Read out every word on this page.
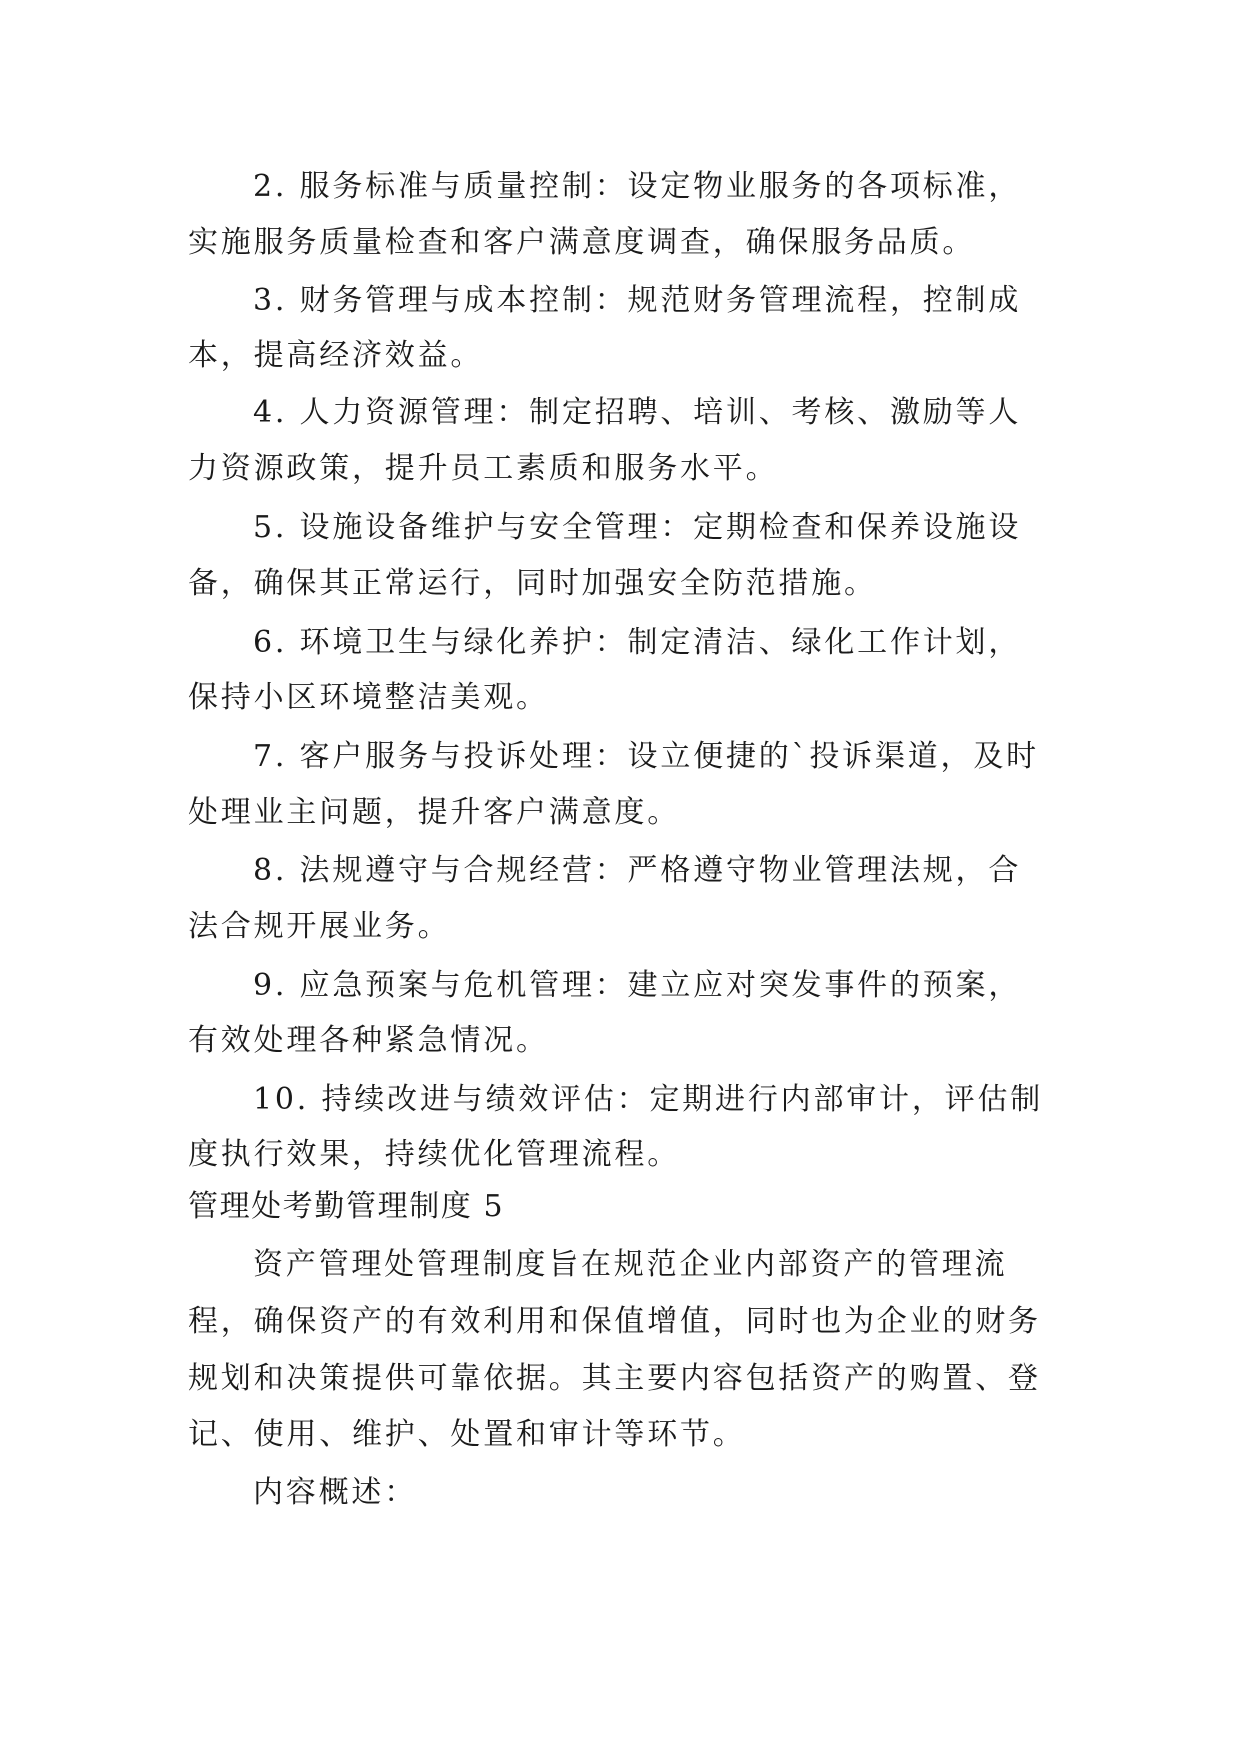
2. 服务标准与质量控制：设定物业服务的各项标准，
实施服务质量检查和客户满意度调查，确保服务品质。
3. 财务管理与成本控制：规范财务管理流程，控制成
本，提高经济效益。
4. 人力资源管理：制定招聘、培训、考核、激励等人
力资源政策，提升员工素质和服务水平。
5. 设施设备维护与安全管理：定期检查和保养设施设
备，确保其正常运行，同时加强安全防范措施。
6. 环境卫生与绿化养护：制定清洁、绿化工作计划，
保持小区环境整洁美观。
7. 客户服务与投诉处理：设立便捷的`投诉渠道，及时
处理业主问题，提升客户满意度。
8. 法规遵守与合规经营：严格遵守物业管理法规，合
法合规开展业务。
9. 应急预案与危机管理：建立应对突发事件的预案，
有效处理各种紧急情况。
10. 持续改进与绩效评估：定期进行内部审计，评估制
度执行效果，持续优化管理流程。
管理处考勤管理制度 5
资产管理处管理制度旨在规范企业内部资产的管理流
程，确保资产的有效利用和保值增值，同时也为企业的财务
规划和决策提供可靠依据。其主要内容包括资产的购置、登
记、使用、维护、处置和审计等环节。
内容概述：
